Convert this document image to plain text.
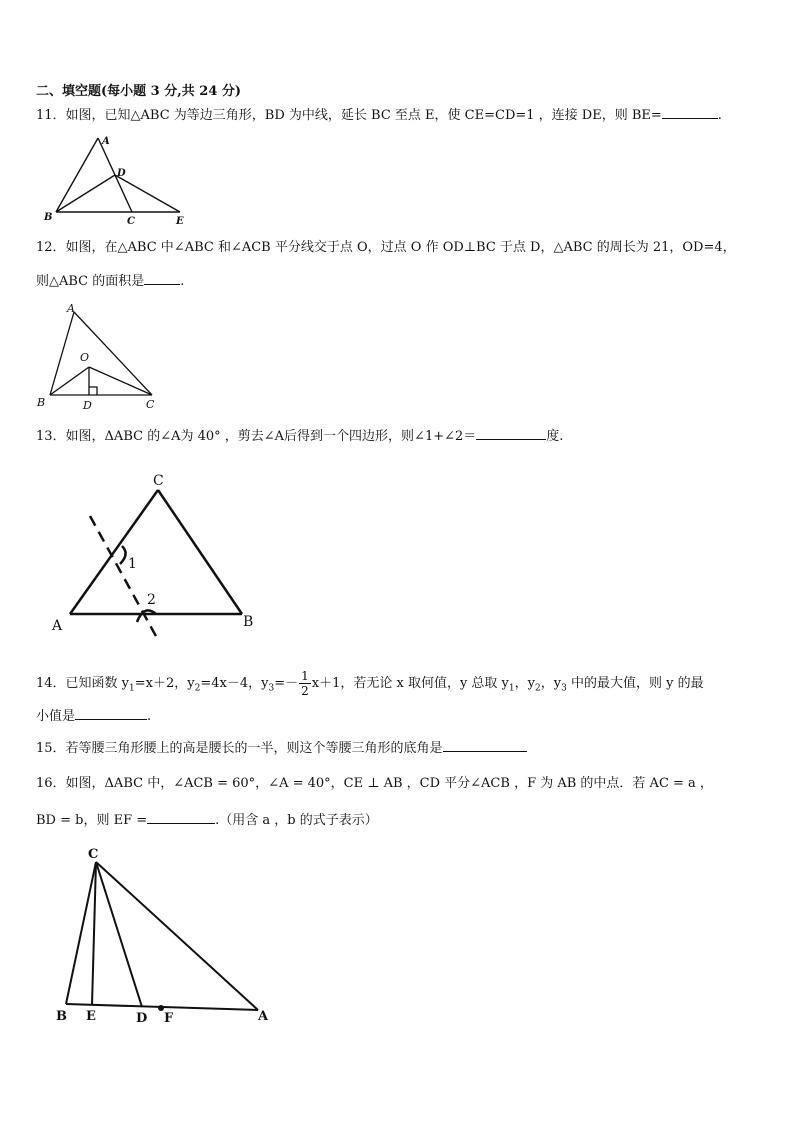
二、填空题(每小题 3 分,共 24 分)
11．如图，已知△ABC 为等边三角形，BD 为中线，延长 BC 至点 E，使 CE=CD=1 ，连接 DE，则 BE=	.
A
D
B	C	E
12．如图，在△ABC 中∠ABC 和∠ACB 平分线交于点 O，过点 O 作 OD⊥BC 于点 D，△ABC 的周长为 21，OD=4，
则△ABC 的面积是	.
A
O
B	D	C
13．如图，ΔABC 的∠A为 40° ，剪去∠A后得到一个四边形，则∠1+∠2＝	度.
C
1
2
A	B
14．已知函数 $y_1=x+2$，$y_2=4x-4$，$y_3=- \frac{1}{2} x+1$，若无论 x 取何值，y 总取 $y_1$，$y_2$，$y_3$ 中的最大值，则 y 的最
小值是	.
15．若等腰三角形腰上的高是腰长的一半，则这个等腰三角形的底角是
16．如图，ΔABC 中，∠ACB = 60°，∠A = 40°，CE ⊥ AB ，CD 平分∠ACB ，F 为 AB 的中点．若 AC = a ，
BD = b，则 EF =	.（用含 a ，b 的式子表示）
C
B E	D F	A
